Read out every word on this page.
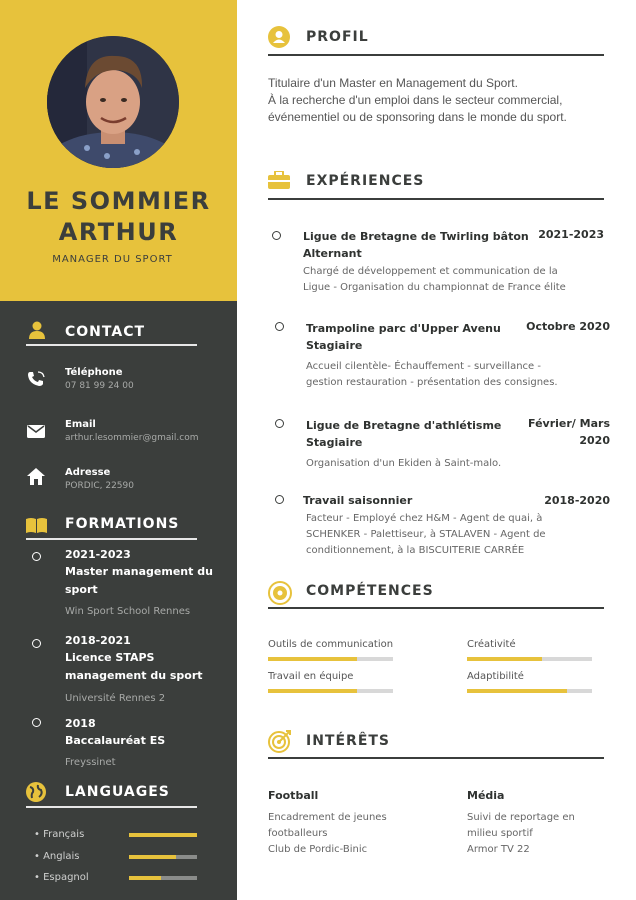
LE SOMMIER
ARTHUR
MANAGER DU SPORT
CONTACT
Téléphone
07 81 99 24 00
Email
arthur.lesommier@gmail.com
Adresse
PORDIC, 22590
FORMATIONS
2021-2023
Master management du sport
Win Sport School Rennes
2018-2021
Licence STAPS management du sport
Université Rennes 2
2018
Baccalauréat ES
Freyssinet
LANGUAGES
• Français
• Anglais
• Espagnol
PROFIL
Titulaire d'un Master en Management du Sport.
À la recherche d'un emploi dans le secteur commercial,
événementiel ou de sponsoring dans le monde du sport.
EXPÉRIENCES
Ligue de Bretagne de Twirling bâton
Alternant
2021-2023
Chargé de développement et communication de la
Ligue - Organisation du championnat de France élite
Trampoline parc d'Upper Avenu
Stagiaire
Octobre 2020
Accueil cilentèle- Échauffement - surveillance -
gestion restauration - présentation des consignes.
Ligue de Bretagne d'athlétisme
Stagiaire
Février/ Mars
2020
Organisation d'un Ekiden à Saint-malo.
Travail saisonnier	2018-2020
Facteur - Employé chez H&M - Agent de quai, à
SCHENKER - Palettiseur, à STALAVEN - Agent de
conditionnement, à la BISCUITERIE CARRÉE
COMPÉTENCES
Outils de communication	Créativité
Travail en équipe	Adaptibilité
INTÉRÊTS
Football
Encadrement de jeunes
footballeurs
Club de Pordic-Binic
Média
Suivi de reportage en
milieu sportif
Armor TV 22
